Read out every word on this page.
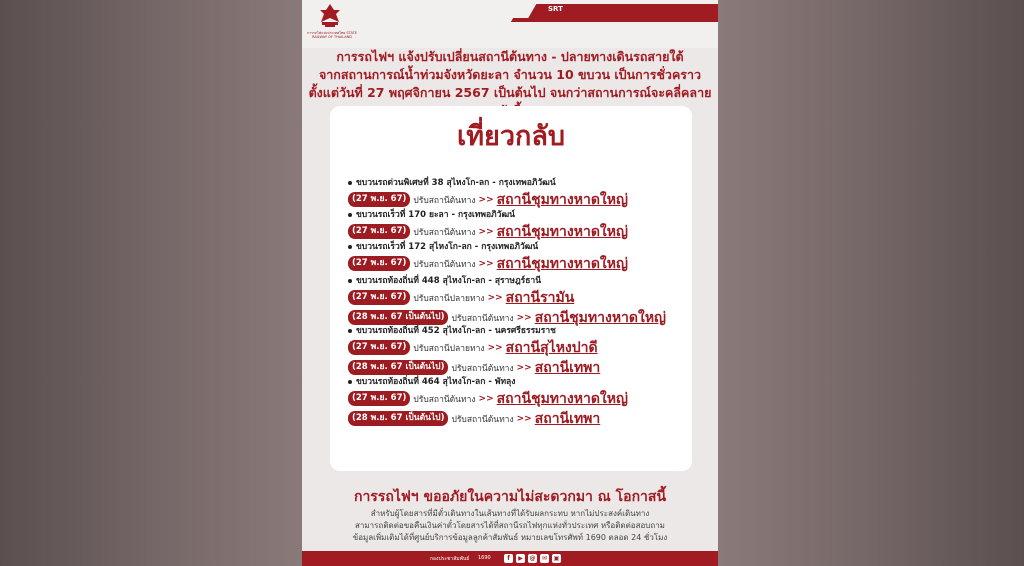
การรถไฟแห่งประเทศไทย STATE RAILWAY OF THAILAND
SRT
การรถไฟฯ แจ้งปรับเปลี่ยนสถานีต้นทาง - ปลายทางเดินรถสายใต้
จากสถานการณ์น้ำท่วมจังหวัดยะลา จำนวน 10 ขบวน เป็นการชั่วคราว
ตั้งแต่วันที่ 27 พฤศจิกายน 2567 เป็นต้นไป จนกว่าสถานการณ์จะคลี่คลาย
เที่ยวกลับ
ขบวนรถด่วนพิเศษที่ 38 สุไหงโก-ลก - กรุงเทพอภิวัฒน์
(27 พ.ย. 67) ปรับสถานีต้นทาง >> สถานีชุมทางหาดใหญ่
ขบวนรถเร็วที่ 170 ยะลา - กรุงเทพอภิวัฒน์
(27 พ.ย. 67) ปรับสถานีต้นทาง >> สถานีชุมทางหาดใหญ่
ขบวนรถเร็วที่ 172 สุไหงโก-ลก - กรุงเทพอภิวัฒน์
(27 พ.ย. 67) ปรับสถานีต้นทาง >> สถานีชุมทางหาดใหญ่
ขบวนรถท้องถิ่นที่ 448 สุไหงโก-ลก - สุราษฎร์ธานี
(27 พ.ย. 67) ปรับสถานีปลายทาง >> สถานีรามัน
(28 พ.ย. 67 เป็นต้นไป) ปรับสถานีต้นทาง >> สถานีชุมทางหาดใหญ่
ขบวนรถท้องถิ่นที่ 452 สุไหงโก-ลก - นครศรีธรรมราช
(27 พ.ย. 67) ปรับสถานีปลายทาง >> สถานีสุไหงปาดี
(28 พ.ย. 67 เป็นต้นไป) ปรับสถานีต้นทาง >> สถานีเทพา
ขบวนรถท้องถิ่นที่ 464 สุไหงโก-ลก - พัทลุง
(27 พ.ย. 67) ปรับสถานีต้นทาง >> สถานีชุมทางหาดใหญ่
(28 พ.ย. 67 เป็นต้นไป) ปรับสถานีต้นทาง >> สถานีเทพา
การรถไฟฯ ขออภัยในความไม่สะดวกมา ณ โอกาสนี้
สำหรับผู้โดยสารที่มีตั๋วเดินทางในเส้นทางที่ได้รับผลกระทบ หากไม่ประสงค์เดินทาง
สามารถติดต่อขอคืนเงินค่าตั๋วโดยสารได้ที่สถานีรถไฟทุกแห่งทั่วประเทศ หรือติดต่อสอบถาม
ข้อมูลเพิ่มเติมได้ที่ศูนย์บริการข้อมูลลูกค้าสัมพันธ์ หมายเลขโทรศัพท์ 1690 ตลอด 24 ชั่วโมง
กองประชาสัมพันธ์ 1690	f	▶	@	✉	▣
